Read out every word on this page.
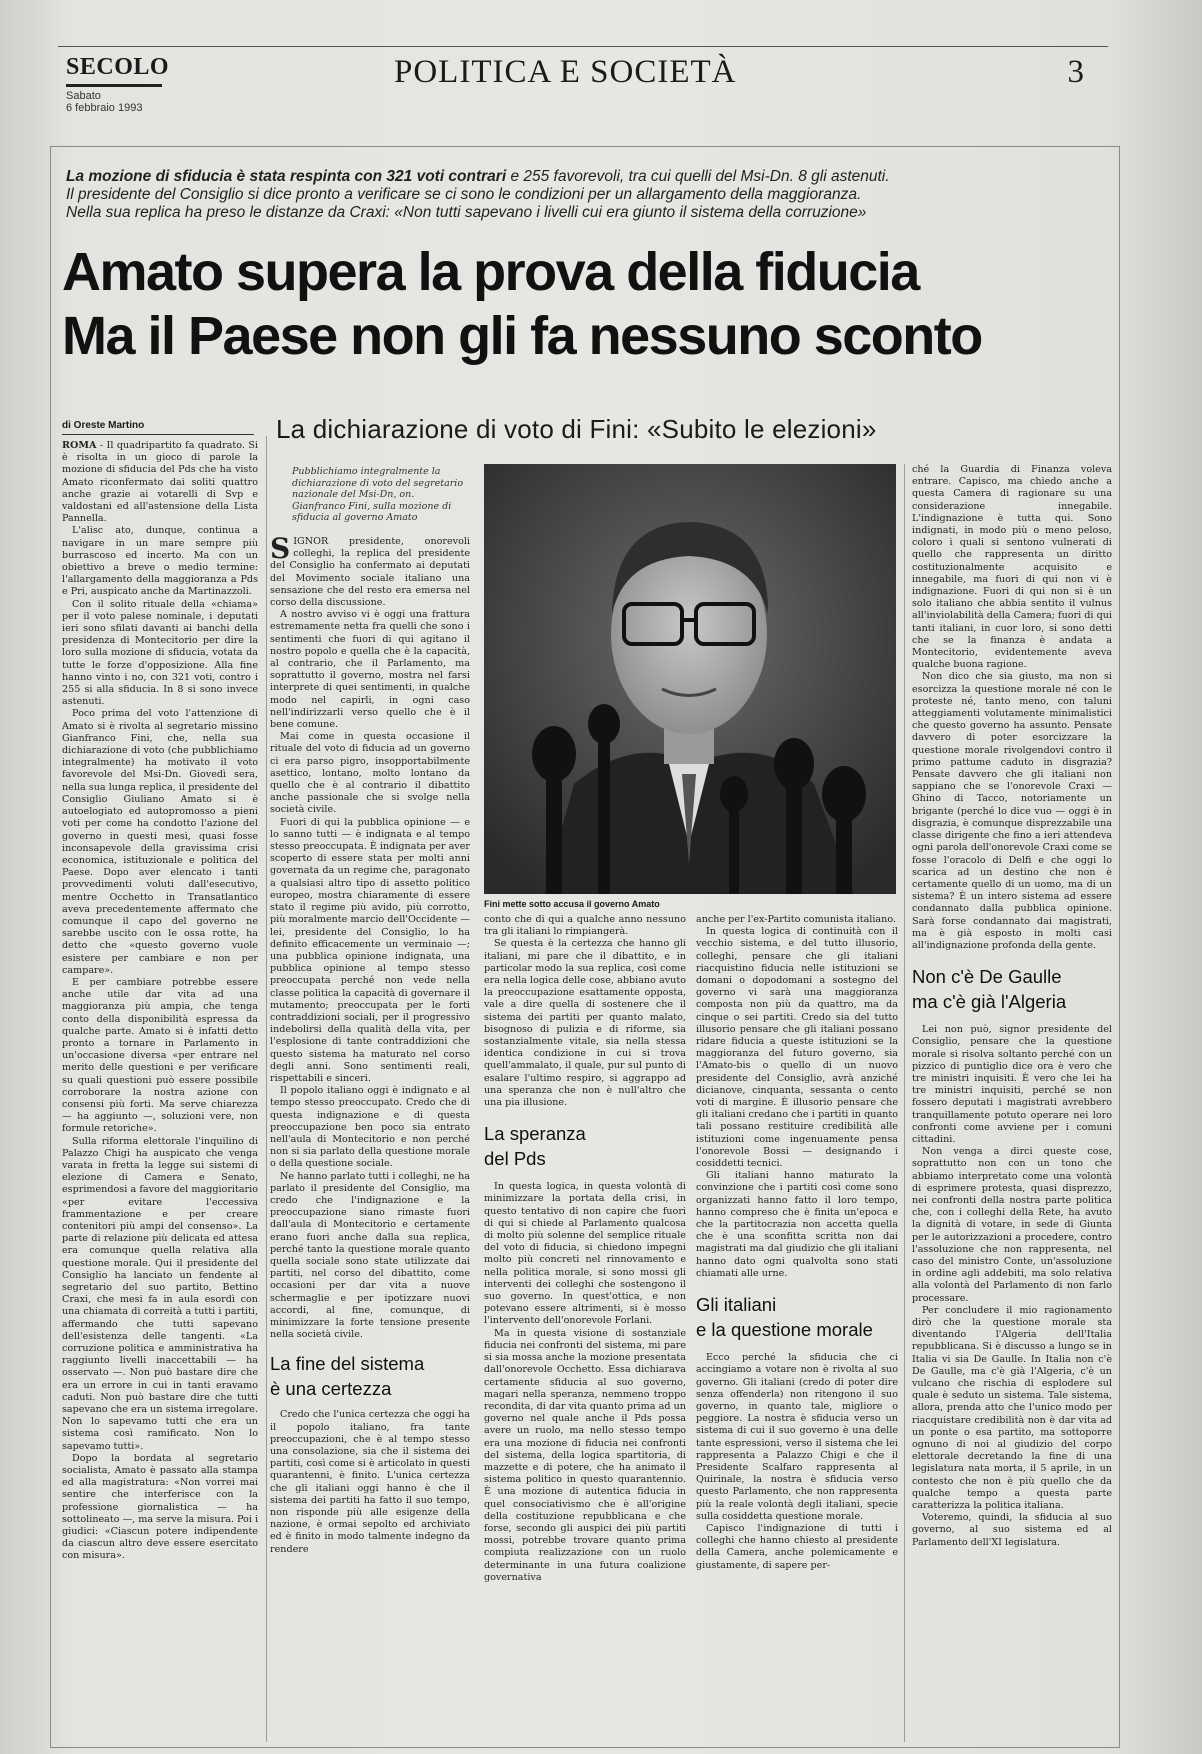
SECOLO
Sabato
6 febbraio 1993
POLITICA E SOCIETÀ	3
La mozione di sfiducia è stata respinta con 321 voti contrari e 255 favorevoli, tra cui quelli del Msi-Dn. 8 gli astenuti.
Il presidente del Consiglio si dice pronto a verificare se ci sono le condizioni per un allargamento della maggioranza.
Nella sua replica ha preso le distanze da Craxi: «Non tutti sapevano i livelli cui era giunto il sistema della corruzione»
Amato supera la prova della fiducia
Ma il Paese non gli fa nessuno sconto
di Oreste Martino	La dichiarazione di voto di Fini: «Subito le elezioni»

ROMA - Il quadripartito fa quadrato. Si è risolta in un gioco di parole la mozione di sfiducia del Pds che ha visto Amato riconfermato dai soliti quattro anche grazie ai votarelli di Svp e valdostani ed all'astensione della Lista Pannella.

L'alisc ato, dunque, continua a navigare in un mare sempre più burrascoso ed incerto. Ma con un obiettivo a breve o medio termine: l'allargamento della maggioranza a Pds e Pri, auspicato anche da Martinazzoli.

Con il solito rituale della «chiama» per il voto palese nominale, i deputati ieri sono sfilati davanti ai banchi della presidenza di Montecitorio per dire la loro sulla mozione di sfiducia, votata da tutte le forze d'opposizione. Alla fine hanno vinto i no, con 321 voti, contro i 255 si alla sfiducia. In 8 si sono invece astenuti.

Poco prima del voto l'attenzione di Amato si è rivolta al segretario missino Gianfranco Fini, che, nella sua dichiarazione di voto (che pubblichiamo integralmente) ha motivato il voto favorevole del Msi-Dn. Giovedì sera, nella sua lunga replica, il presidente del Consiglio Giuliano Amato si è autoelogiato ed autopromosso a pieni voti per come ha condotto l'azione del governo in questi mesi, quasi fosse inconsapevole della gravissima crisi economica, istituzionale e politica del Paese. Dopo aver elencato i tanti provvedimenti voluti dall'esecutivo, mentre Occhetto in Transatlantico aveva precedentemente affermato che comunque il capo del governo ne sarebbe uscito con le ossa rotte, ha detto che «questo governo vuole esistere per cambiare e non per campare».

E per cambiare potrebbe essere anche utile dar vita ad una maggioranza più ampia, che tenga conto della disponibilità espressa da qualche parte. Amato si è infatti detto pronto a tornare in Parlamento in un'occasione diversa «per entrare nel merito delle questioni e per verificare su quali questioni può essere possibile corroborare la nostra azione con consensi più forti. Ma serve chiarezza — ha aggiunto —, soluzioni vere, non formule retoriche».

Sulla riforma elettorale l'inquilino di Palazzo Chigi ha auspicato che venga varata in fretta la legge sui sistemi di elezione di Camera e Senato, esprimendosi a favore del maggioritario «per evitare l'eccessiva frammentazione e per creare contenitori più ampi del consenso». La parte di relazione più delicata ed attesa era comunque quella relativa alla questione morale. Qui il presidente del Consiglio ha lanciato un fendente al segretario del suo partito, Bettino Craxi, che mesi fa in aula esordì con una chiamata di correità a tutti i partiti, affermando che tutti sapevano dell'esistenza delle tangenti. «La corruzione politica e amministrativa ha raggiunto livelli inaccettabili — ha osservato —. Non può bastare dire che era un errore in cui in tanti eravamo caduti. Non può bastare dire che tutti sapevano che era un sistema irregolare. Non lo sapevamo tutti che era un sistema così ramificato. Non lo sapevamo tutti».

Dopo la bordata al segretario socialista, Amato è passato alla stampa ed alla magistratura: «Non vorrei mai sentire che interferisce con la professione giornalistica — ha sottolineato —, ma serve la misura. Poi i giudici: «Ciascun potere indipendente da ciascun altro deve essere esercitato con misura».

Pubblichiamo integralmente la dichiarazione di voto del segretario nazionale del Msi-Dn, on. Gianfranco Fini, sulla mozione di sfiducia al governo Amato

SIGNOR presidente, onorevoli colleghi, la replica del presidente del Consiglio ha confermato ai deputati del Movimento sociale italiano una sensazione che del resto era emersa nel corso della discussione.

A nostro avviso vi è oggi una frattura estremamente netta fra quelli che sono i sentimenti che fuori di qui agitano il nostro popolo e quella che è la capacità, al contrario, che il Parlamento, ma soprattutto il governo, mostra nel farsi interprete di quei sentimenti, in qualche modo nel capirli, in ogni caso nell'indirizzarli verso quello che è il bene comune.

Mai come in questa occasione il rituale del voto di fiducia ad un governo ci era parso pigro, insopportabilmente asettico, lontano, molto lontano da quello che è al contrario il dibattito anche passionale che si svolge nella società civile.

Fuori di qui la pubblica opinione — e lo sanno tutti — è indignata e al tempo stesso preoccupata. È indignata per aver scoperto di essere stata per molti anni governata da un regime che, paragonato a qualsiasi altro tipo di assetto politico europeo, mostra chiaramente di essere stato il regime più avido, più corrotto, più moralmente marcio dell'Occidente — lei, presidente del Consiglio, lo ha definito efficacemente un verminaio —; una pubblica opinione indignata, una pubblica opinione al tempo stesso preoccupata perché non vede nella classe politica la capacità di governare il mutamento; preoccupata per le forti contraddizioni sociali, per il progressivo indebolirsi della qualità della vita, per l'esplosione di tante contraddizioni che questo sistema ha maturato nel corso degli anni. Sono sentimenti reali, rispettabili e sinceri.

Il popolo italiano oggi è indignato e al tempo stesso preoccupato. Credo che di questa indignazione e di questa preoccupazione ben poco sia entrato nell'aula di Montecitorio e non perché non si sia parlato della questione morale o della questione sociale.

Ne hanno parlato tutti i colleghi, ne ha parlato il presidente del Consiglio, ma credo che l'indignazione e la preoccupazione siano rimaste fuori dall'aula di Montecitorio e certamente erano fuori anche dalla sua replica, perché tanto la questione morale quanto quella sociale sono state utilizzate dai partiti, nel corso del dibattito, come occasioni per dar vita a nuove schermaglie e per ipotizzare nuovi accordi, al fine, comunque, di minimizzare la forte tensione presente nella società civile.

La fine del sistema
è una certezza

Credo che l'unica certezza che oggi ha il popolo italiano, fra tante preoccupazioni, che è al tempo stesso una consolazione, sia che il sistema dei partiti, così come si è articolato in questi quarantenni, è finito. L'unica certezza che gli italiani oggi hanno è che il sistema dei partiti ha fatto il suo tempo, non risponde più alle esigenze della nazione, è ormai sepolto ed archiviato ed è finito in modo talmente indegno da rendere

Fini mette sotto accusa il governo Amato

conto che di qui a qualche anno nessuno tra gli italiani lo rimpiangerà.

Se questa è la certezza che hanno gli italiani, mi pare che il dibattito, e in particolar modo la sua replica, così come era nella logica delle cose, abbiano avuto la preoccupazione esattamente opposta, vale a dire quella di sostenere che il sistema dei partiti per quanto malato, bisognoso di pulizia e di riforme, sia sostanzialmente vitale, sia nella stessa identica condizione in cui si trova quell'ammalato, il quale, pur sul punto di esalare l'ultimo respiro, si aggrappo ad una speranza che non è null'altro che una pia illusione.

La speranza
del Pds

In questa logica, in questa volontà di minimizzare la portata della crisi, in questo tentativo di non capire che fuori di qui si chiede al Parlamento qualcosa di molto più solenne del semplice rituale del voto di fiducia, si chiedono impegni molto più concreti nel rinnovamento e nella politica morale, si sono mossi gli interventi dei colleghi che sostengono il suo governo. In quest'ottica, e non potevano essere altrimenti, si è mosso l'intervento dell'onorevole Forlani.

Ma in questa visione di sostanziale fiducia nei confronti del sistema, mi pare si sia mossa anche la mozione presentata dall'onorevole Occhetto. Essa dichiarava certamente sfiducia al suo governo, magari nella speranza, nemmeno troppo recondita, di dar vita quanto prima ad un governo nel quale anche il Pds possa avere un ruolo, ma nello stesso tempo era una mozione di fiducia nei confronti del sistema, della logica spartitoria, di mazzette e di potere, che ha animato il sistema politico in questo quarantennio. È una mozione di autentica fiducia in quel consociativismo che è all'origine della costituzione repubblicana e che forse, secondo gli auspici dei più partiti mossi, potrebbe trovare quanto prima compiuta realizzazione con un ruolo determinante in una futura coalizione governativa

anche per l'ex-Partito comunista italiano.

In questa logica di continuità con il vecchio sistema, e del tutto illusorio, colleghi, pensare che gli italiani riacquistino fiducia nelle istituzioni se domani o dopodomani a sostegno del governo vi sarà una maggioranza composta non più da quattro, ma da cinque o sei partiti. Credo sia del tutto illusorio pensare che gli italiani possano ridare fiducia a queste istituzioni se la maggioranza del futuro governo, sia l'Amato-bis o quello di un nuovo presidente del Consiglio, avrà anziché dicianove, cinquanta, sessanta o cento voti di margine. È illusorio pensare che gli italiani credano che i partiti in quanto tali possano restituire credibilità alle istituzioni come ingenuamente pensa l'onorevole Bossi — designando i cosiddetti tecnici.

Gli italiani hanno maturato la convinzione che i partiti così come sono organizzati hanno fatto il loro tempo, hanno compreso che è finita un'epoca e che la partitocrazia non accetta quella che è una sconfitta scritta non dai magistrati ma dal giudizio che gli italiani hanno dato ogni qualvolta sono stati chiamati alle urne.

Gli italiani
e la questione morale

Ecco perché la sfiducia che ci accingiamo a votare non è rivolta al suo governo. Gli italiani (credo di poter dire senza offenderla) non ritengono il suo governo, in quanto tale, migliore o peggiore. La nostra è sfiducia verso un sistema di cui il suo governo è una delle tante espressioni, verso il sistema che lei rappresenta a Palazzo Chigi e che il Presidente Scalfaro rappresenta al Quirinale, la nostra è sfiducia verso questo Parlamento, che non rappresenta più la reale volontà degli italiani, specie sulla cosiddetta questione morale.

Capisco l'indignazione di tutti i colleghi che hanno chiesto al presidente della Camera, anche polemicamente e giustamente, di sapere per-

ché la Guardia di Finanza voleva entrare. Capisco, ma chiedo anche a questa Camera di ragionare su una considerazione innegabile. L'indignazione è tutta qui. Sono indignati, in modo più o meno peloso, coloro i quali si sentono vulnerati di quello che rappresenta un diritto costituzionalmente acquisito e innegabile, ma fuori di qui non vi è indignazione. Fuori di qui non si è un solo italiano che abbia sentito il vulnus all'inviolabilità della Camera; fuori di qui tanti italiani, in cuor loro, si sono detti che se la finanza è andata a Montecitorio, evidentemente aveva qualche buona ragione.

Non dico che sia giusto, ma non si esorcizza la questione morale né con le proteste né, tanto meno, con taluni atteggiamenti volutamente minimalistici che questo governo ha assunto. Pensate davvero di poter esorcizzare la questione morale rivolgendovi contro il primo pattume caduto in disgrazia? Pensate davvero che gli italiani non sappiano che se l'onorevole Craxi — Ghino di Tacco, notoriamente un brigante (perché lo dice vuo — oggi è in disgrazia, è comunque disprezzabile una classe dirigente che fino a ieri attendeva ogni parola dell'onorevole Craxi come se fosse l'oracolo di Delfi e che oggi lo scarica ad un destino che non è certamente quello di un uomo, ma di un sistema? È un intero sistema ad essere condannato dalla pubblica opinione. Sarà forse condannato dai magistrati, ma è già esposto in molti casi all'indignazione profonda della gente.

Non c'è De Gaulle
ma c'è già l'Algeria

Lei non può, signor presidente del Consiglio, pensare che la questione morale si risolva soltanto perché con un pizzico di puntiglio dice ora è vero che tre ministri inquisiti. È vero che lei ha tre ministri inquisiti, perché se non fossero deputati i magistrati avrebbero tranquillamente potuto operare nei loro confronti come avviene per i comuni cittadini.

Non venga a dirci queste cose, soprattutto non con un tono che abbiamo interpretato come una volontà di esprimere protesta, quasi disprezzo, nei confronti della nostra parte politica che, con i colleghi della Rete, ha avuto la dignità di votare, in sede di Giunta per le autorizzazioni a procedere, contro l'assoluzione che non rappresenta, nel caso del ministro Conte, un'assoluzione in ordine agli addebiti, ma solo relativa alla volontà del Parlamento di non farlo processare.

Per concludere il mio ragionamento dirò che la questione morale sta diventando l'Algeria dell'Italia repubblicana. Si è discusso a lungo se in Italia vi sia De Gaulle. In Italia non c'è De Gaulle, ma c'è già l'Algeria, c'è un vulcano che rischia di esplodere sul quale è seduto un sistema. Tale sistema, allora, prenda atto che l'unico modo per riacquistare credibilità non è dar vita ad un ponte o esa partito, ma sottoporre ognuno di noi al giudizio del corpo elettorale decretando la fine di una legislatura nata morta, il 5 aprile, in un contesto che non è più quello che da qualche tempo a questa parte caratterizza la politica italiana.

Voteremo, quindi, la sfiducia al suo governo, al suo sistema ed al Parlamento dell'XI legislatura.
